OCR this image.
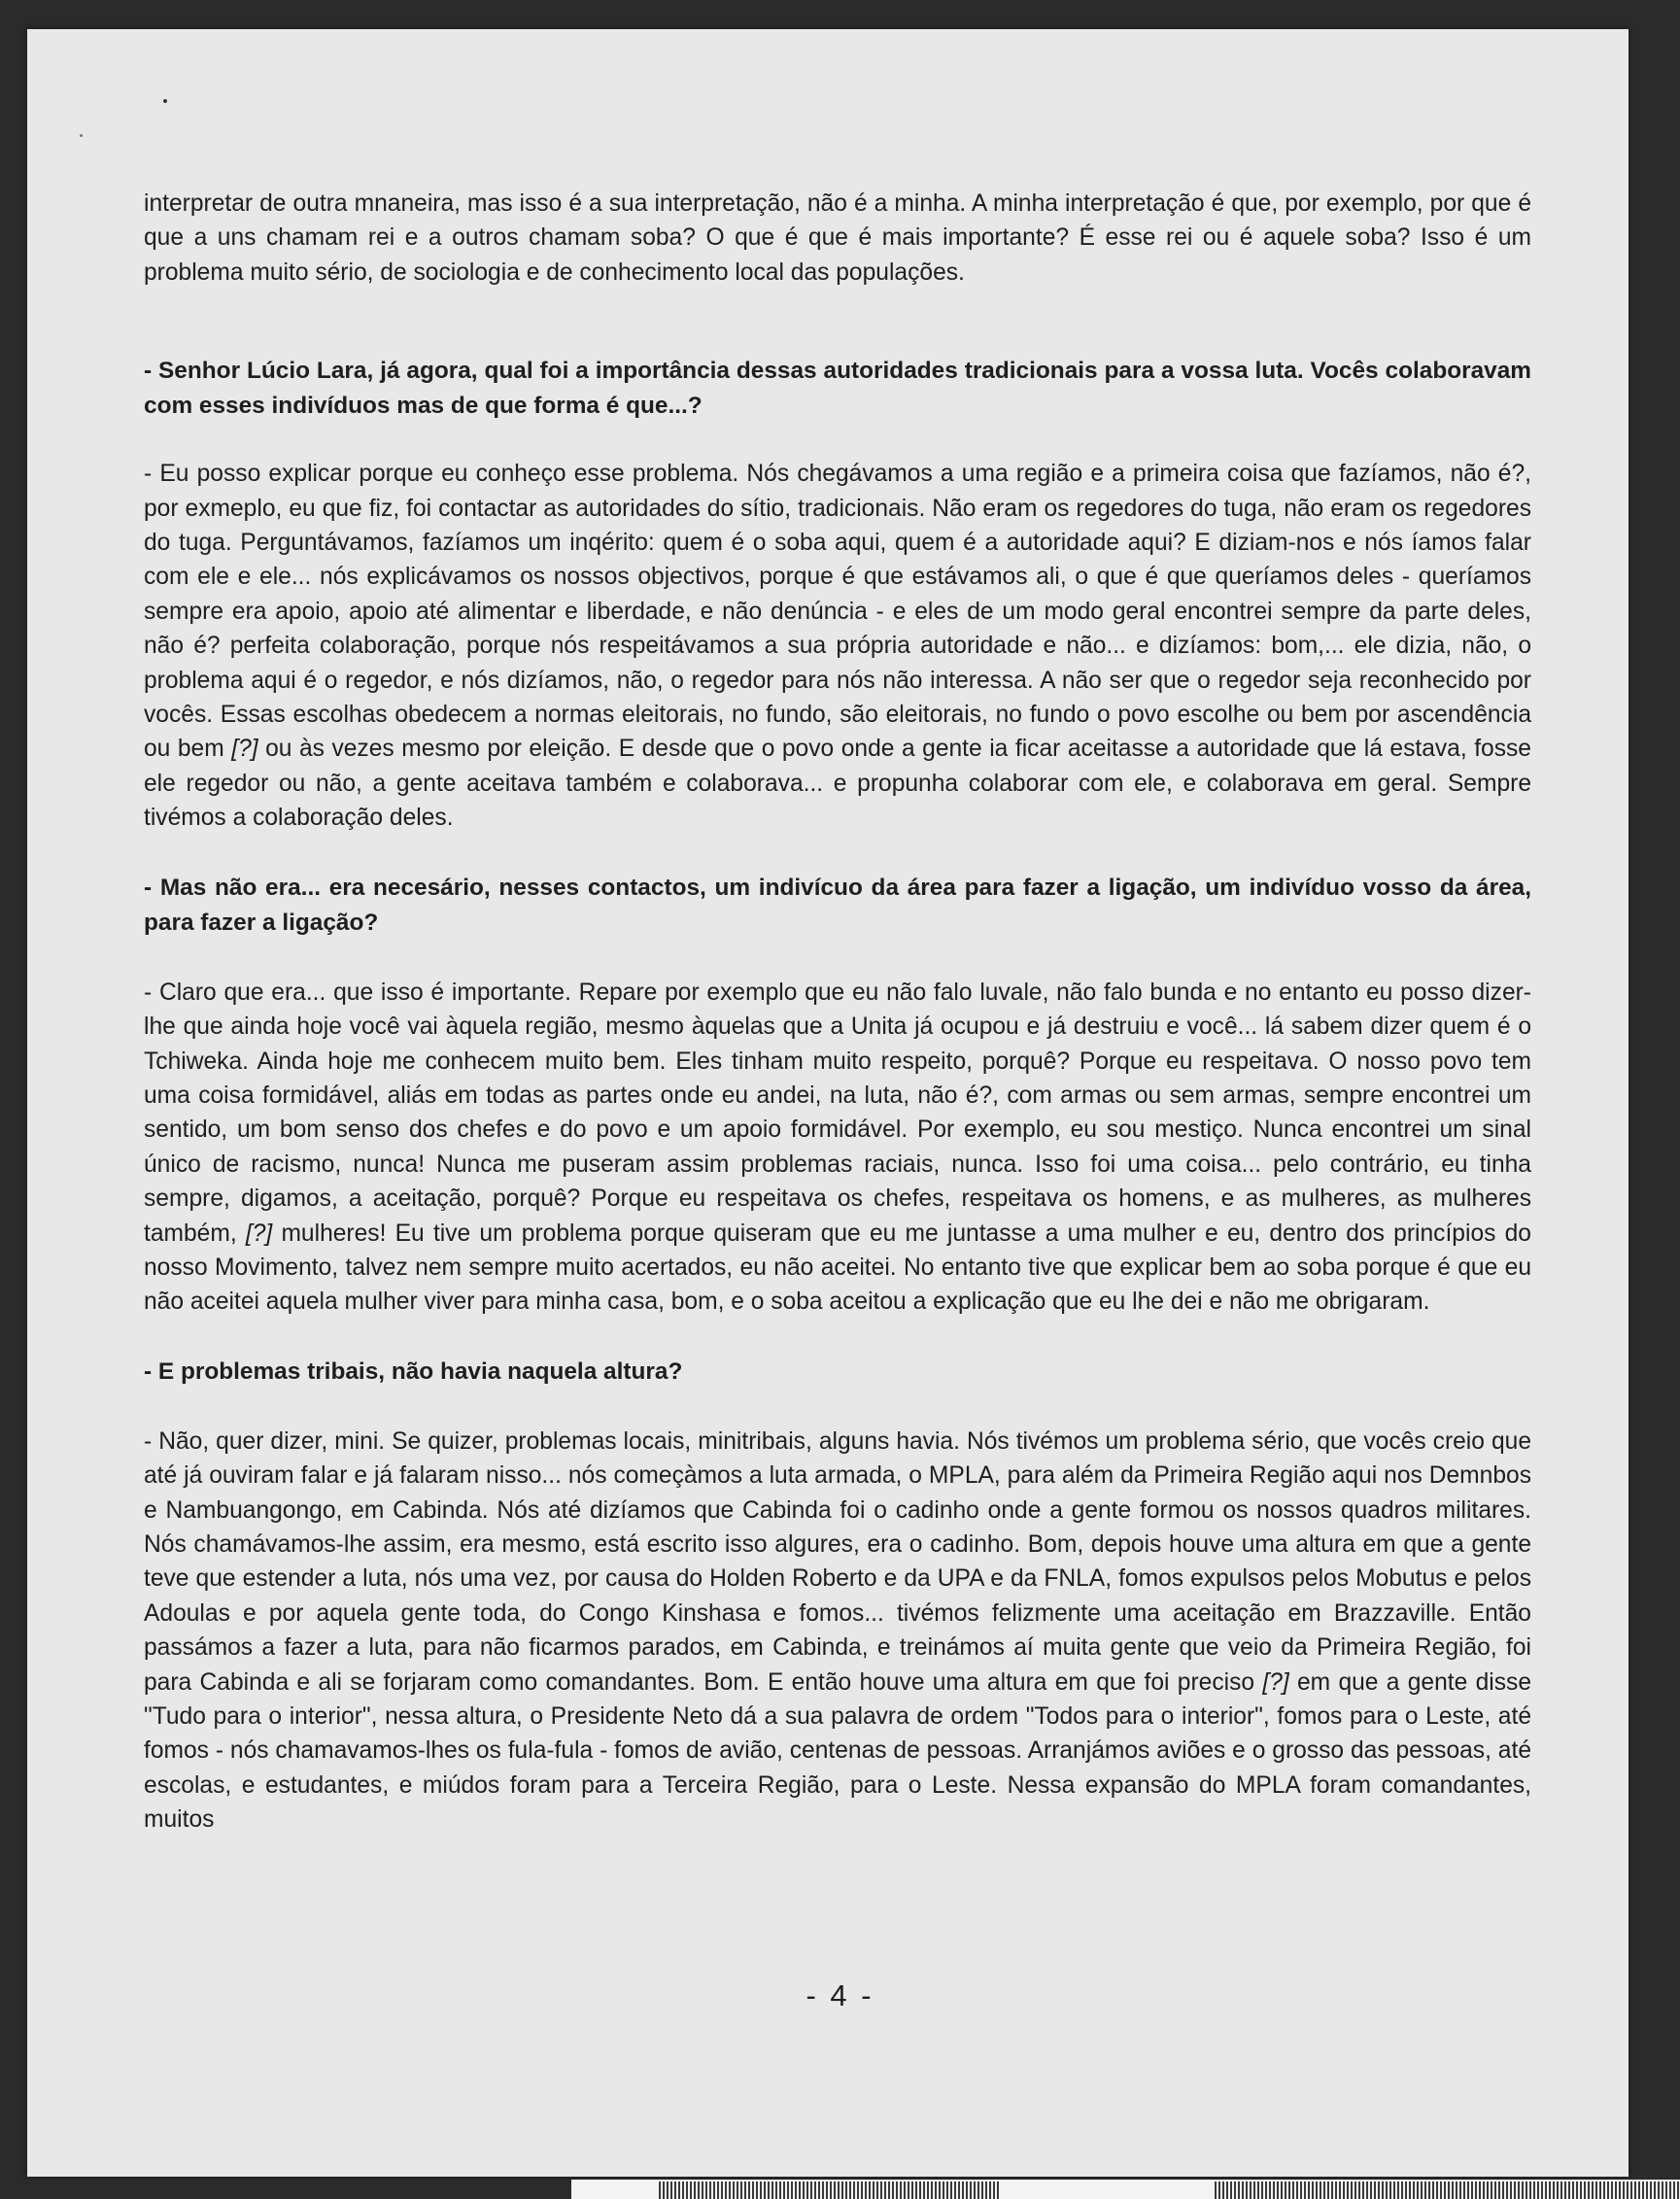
interpretar de outra mnaneira, mas isso é a sua interpretação, não é a minha. A minha interpretação é que, por exemplo, por que é que a uns chamam rei e a outros chamam soba? O que é que é mais importante? É esse rei ou é aquele soba? Isso é um problema muito sério, de sociologia e de conhecimento local das populações.

- Senhor Lúcio Lara, já agora, qual foi a importância dessas autoridades tradicionais para a vossa luta. Vocês colaboravam com esses indivíduos mas de que forma é que...?

- Eu posso explicar porque eu conheço esse problema. Nós chegávamos a uma região e a primeira coisa que fazíamos, não é?, por exmeplo, eu que fiz, foi contactar as autoridades do sítio, tradicionais. Não eram os regedores do tuga, não eram os regedores do tuga. Perguntávamos, fazíamos um inqérito: quem é o soba aqui, quem é a autoridade aqui? E diziam-nos e nós íamos falar com ele e ele... nós explicávamos os nossos objectivos, porque é que estávamos ali, o que é que queríamos deles - queríamos sempre era apoio, apoio até alimentar e liberdade, e não denúncia - e eles de um modo geral encontrei sempre da parte deles, não é? perfeita colaboração, porque nós respeitávamos a sua própria autoridade e não... e dizíamos: bom,... ele dizia, não, o problema aqui é o regedor, e nós dizíamos, não, o regedor para nós não interessa. A não ser que o regedor seja reconhecido por vocês. Essas escolhas obedecem a normas eleitorais, no fundo, são eleitorais, no fundo o povo escolhe ou bem por ascendência ou bem [?] ou às vezes mesmo por eleição. E desde que o povo onde a gente ia ficar aceitasse a autoridade que lá estava, fosse ele regedor ou não, a gente aceitava também e colaborava... e propunha colaborar com ele, e colaborava em geral. Sempre tivémos a colaboração deles.

- Mas não era... era necesário, nesses contactos, um indivícuo da área para fazer a ligação, um indivíduo vosso da área, para fazer a ligação?

- Claro que era... que isso é importante. Repare por exemplo que eu não falo luvale, não falo bunda e no entanto eu posso dizer-lhe que ainda hoje você vai àquela região, mesmo àquelas que a Unita já ocupou e já destruiu e você... lá sabem dizer quem é o Tchiweka. Ainda hoje me conhecem muito bem. Eles tinham muito respeito, porquê? Porque eu respeitava. O nosso povo tem uma coisa formidável, aliás em todas as partes onde eu andei, na luta, não é?, com armas ou sem armas, sempre encontrei um sentido, um bom senso dos chefes e do povo e um apoio formidável. Por exemplo, eu sou mestiço. Nunca encontrei um sinal único de racismo, nunca! Nunca me puseram assim problemas raciais, nunca. Isso foi uma coisa... pelo contrário, eu tinha sempre, digamos, a aceitação, porquê? Porque eu respeitava os chefes, respeitava os homens, e as mulheres, as mulheres também, [?] mulheres! Eu tive um problema porque quiseram que eu me juntasse a uma mulher e eu, dentro dos princípios do nosso Movimento, talvez nem sempre muito acertados, eu não aceitei. No entanto tive que explicar bem ao soba porque é que eu não aceitei aquela mulher viver para minha casa, bom, e o soba aceitou a explicação que eu lhe dei e não me obrigaram.

- E problemas tribais, não havia naquela altura?

- Não, quer dizer, mini. Se quizer, problemas locais, minitribais, alguns havia. Nós tivémos um problema sério, que vocês creio que até já ouviram falar e já falaram nisso... nós começàmos a luta armada, o MPLA, para além da Primeira Região aqui nos Demnbos e Nambuangongo, em Cabinda. Nós até dizíamos que Cabinda foi o cadinho onde a gente formou os nossos quadros militares. Nós chamávamos-lhe assim, era mesmo, está escrito isso algures, era o cadinho. Bom, depois houve uma altura em que a gente teve que estender a luta, nós uma vez, por causa do Holden Roberto e da UPA e da FNLA, fomos expulsos pelos Mobutus e pelos Adoulas e por aquela gente toda, do Congo Kinshasa e fomos... tivémos felizmente uma aceitação em Brazzaville. Então passámos a fazer a luta, para não ficarmos parados, em Cabinda, e treinámos aí muita gente que veio da Primeira Região, foi para Cabinda e ali se forjaram como comandantes. Bom. E então houve uma altura em que foi preciso [?] em que a gente disse "Tudo para o interior", nessa altura, o Presidente Neto dá a sua palavra de ordem "Todos para o interior", fomos para o Leste, até fomos - nós chamavamos-lhes os fula-fula - fomos de avião, centenas de pessoas. Arranjámos aviões e o grosso das pessoas, até escolas, e estudantes, e miúdos foram para a Terceira Região, para o Leste. Nessa expansão do MPLA foram comandantes, muitos

- 4 -
